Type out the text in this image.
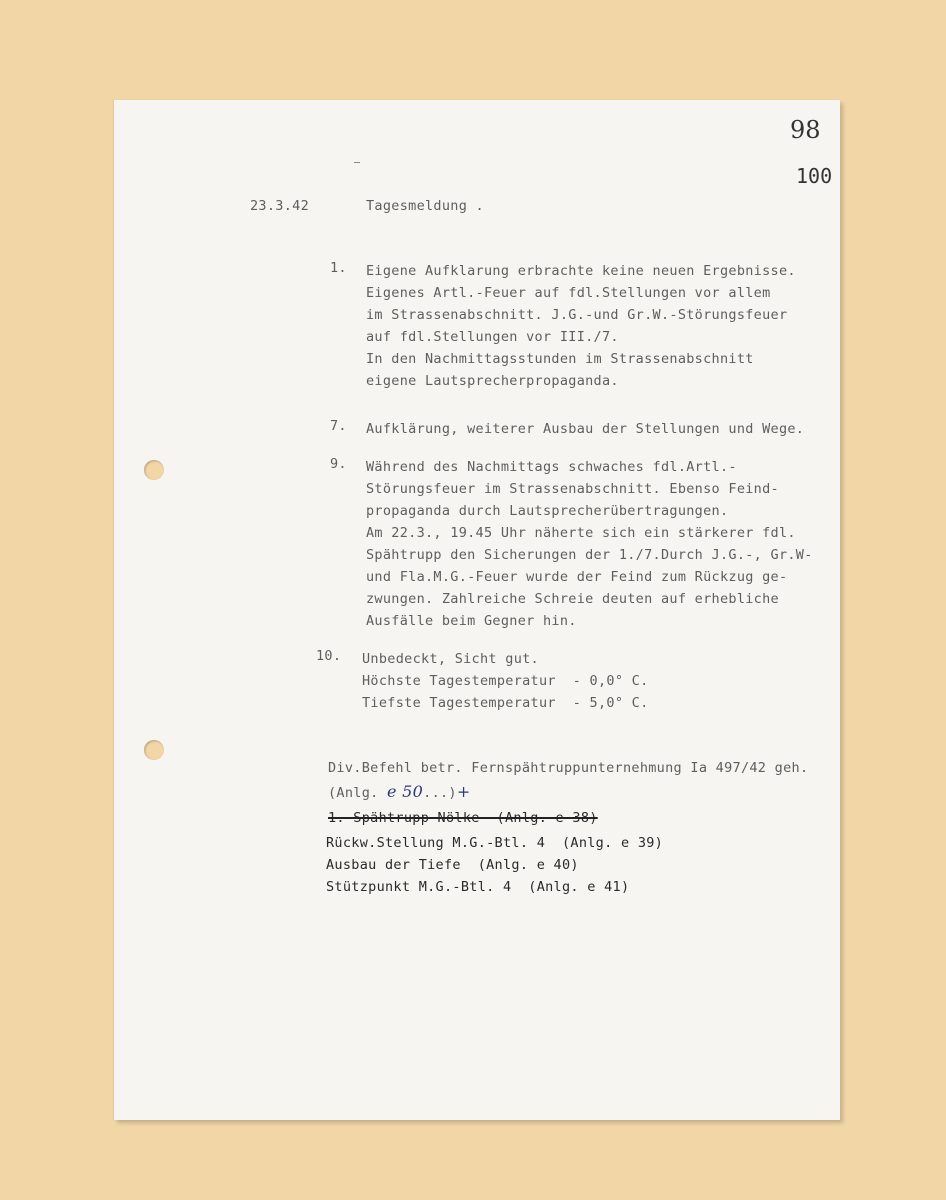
98

100

23.3.42	Tagesmeldung .

1. Eigene Aufklarung erbrachte keine neuen Ergebnisse.
Eigenes Artl.-Feuer auf fdl.Stellungen vor allem
im Strassenabschnitt. J.G.-und Gr.W.-Störungsfeuer
auf fdl.Stellungen vor III./7.
In den Nachmittagsstunden im Strassenabschnitt
eigene Lautsprecherpropaganda.

7. Aufklärung, weiterer Ausbau der Stellungen und Wege.

9. Während des Nachmittags schwaches fdl.Artl.-
Störungsfeuer im Strassenabschnitt. Ebenso Feind-
propaganda durch Lautsprecherübertragungen.
Am 22.3., 19.45 Uhr näherte sich ein stärkerer fdl.
Spähtrupp den Sicherungen der 1./7.Durch J.G.-, Gr.W-
und Fla.M.G.-Feuer wurde der Feind zum Rückzug ge-
zwungen. Zahlreiche Schreie deuten auf erhebliche
Ausfälle beim Gegner hin.

10. Unbedeckt, Sicht gut.
Höchste Tagestemperatur  - 0,0° C.
Tiefste Tagestemperatur  - 5,0° C.

Div.Befehl betr. Fernspähtruppunternehmung Ia 497/42 geh.

(Anlg. e 50...)+

1. Spähtrupp Nölke  (Anlg. e 38)

Rückw.Stellung M.G.-Btl. 4  (Anlg. e 39)
Ausbau der Tiefe  (Anlg. e 40)
Stützpunkt M.G.-Btl. 4  (Anlg. e 41)
